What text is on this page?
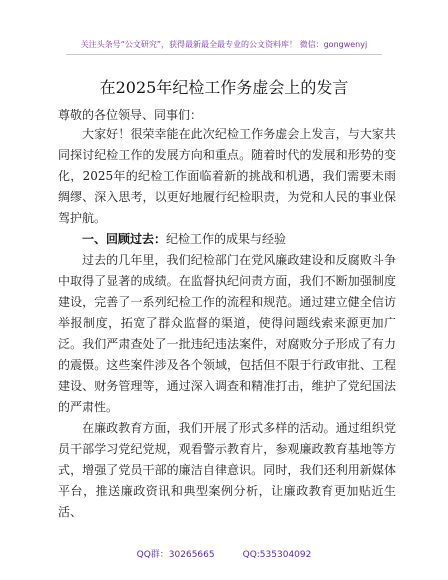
关注头条号“公文研究”，获得最新最全最专业的公文资料库！ 微信：gongwenyj
在2025年纪检工作务虚会上的发言
尊敬的各位领导、同事们：

大家好！很荣幸能在此次纪检工作务虚会上发言，与大家共同探讨纪检工作的发展方向和重点。随着时代的发展和形势的变化，2025年的纪检工作面临着新的挑战和机遇，我们需要未雨绸缪、深入思考，以更好地履行纪检职责，为党和人民的事业保驾护航。

一、回顾过去：纪检工作的成果与经验

过去的几年里，我们纪检部门在党风廉政建设和反腐败斗争中取得了显著的成绩。在监督执纪问责方面，我们不断加强制度建设，完善了一系列纪检工作的流程和规范。通过建立健全信访举报制度，拓宽了群众监督的渠道，使得问题线索来源更加广泛。我们严肃查处了一批违纪违法案件，对腐败分子形成了有力的震慑。这些案件涉及各个领域，包括但不限于行政审批、工程建设、财务管理等，通过深入调查和精准打击，维护了党纪国法的严肃性。

在廉政教育方面，我们开展了形式多样的活动。通过组织党员干部学习党纪党规，观看警示教育片，参观廉政教育基地等方式，增强了党员干部的廉洁自律意识。同时，我们还利用新媒体平台，推送廉政资讯和典型案例分析，让廉政教育更加贴近生活、

QQ群：30265665	QQ:535304092
